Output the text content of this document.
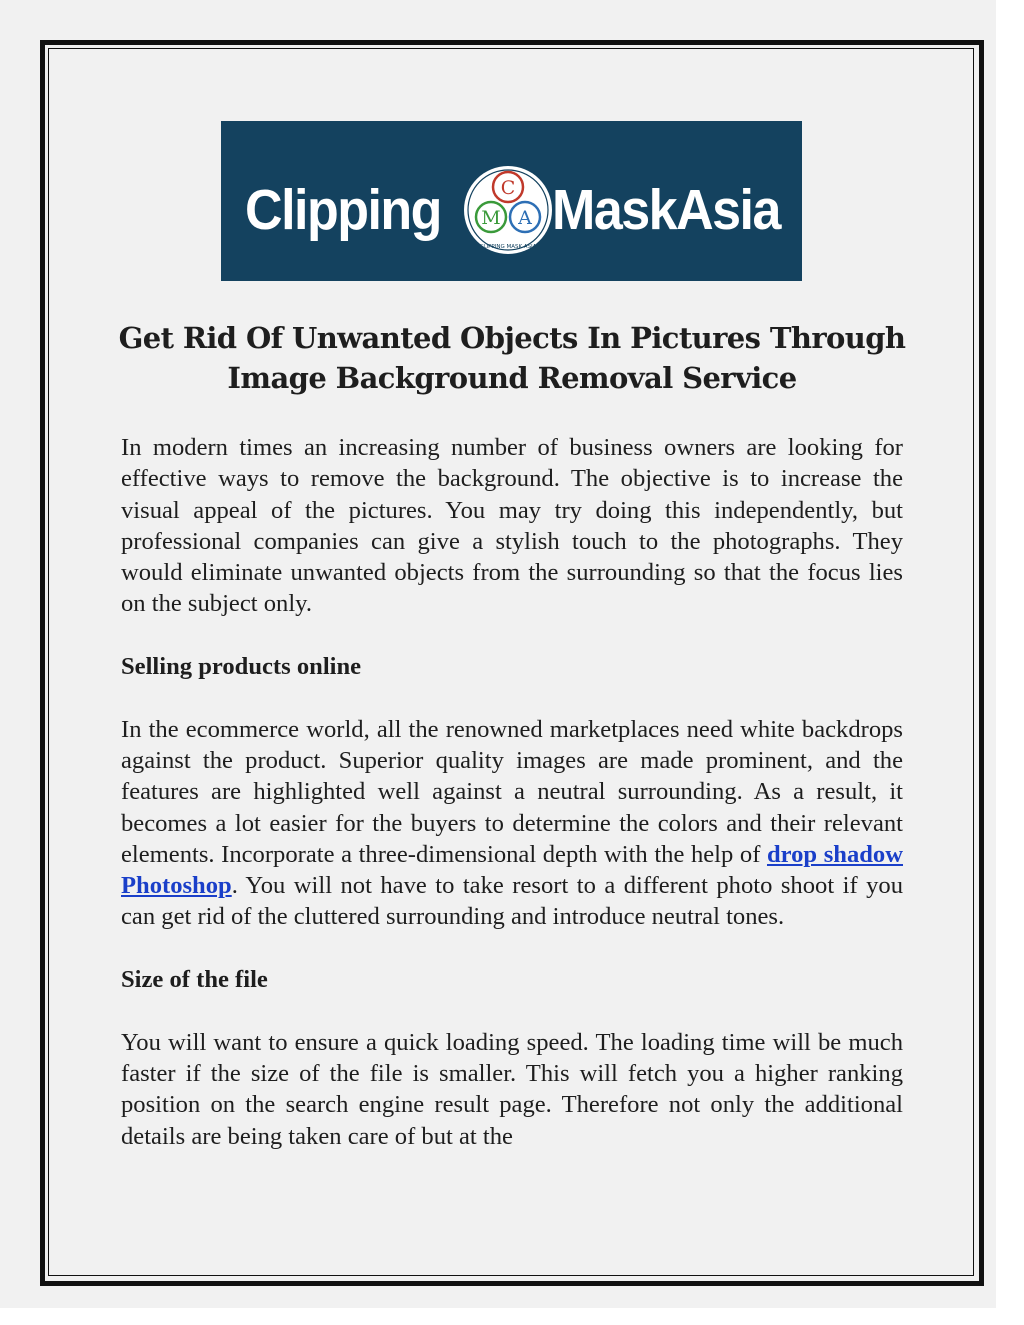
Clipping	C
M A
CLIPPING MASK ASIA
MaskAsia
Get Rid Of Unwanted Objects In Pictures Through Image Background Removal Service

In modern times an increasing number of business owners are looking for effective ways to remove the background. The objective is to increase the visual appeal of the pictures. You may try doing this independently, but professional companies can give a stylish touch to the photographs. They would eliminate unwanted objects from the surrounding so that the focus lies on the subject only.

Selling products online

In the ecommerce world, all the renowned marketplaces need white backdrops against the product. Superior quality images are made prominent, and the features are highlighted well against a neutral surrounding. As a result, it becomes a lot easier for the buyers to determine the colors and their relevant elements. Incorporate a three-dimensional depth with the help of drop shadow Photoshop. You will not have to take resort to a different photo shoot if you can get rid of the cluttered surrounding and introduce neutral tones.

Size of the file

You will want to ensure a quick loading speed. The loading time will be much faster if the size of the file is smaller. This will fetch you a higher ranking position on the search engine result page. Therefore not only the additional details are being taken care of but at the
